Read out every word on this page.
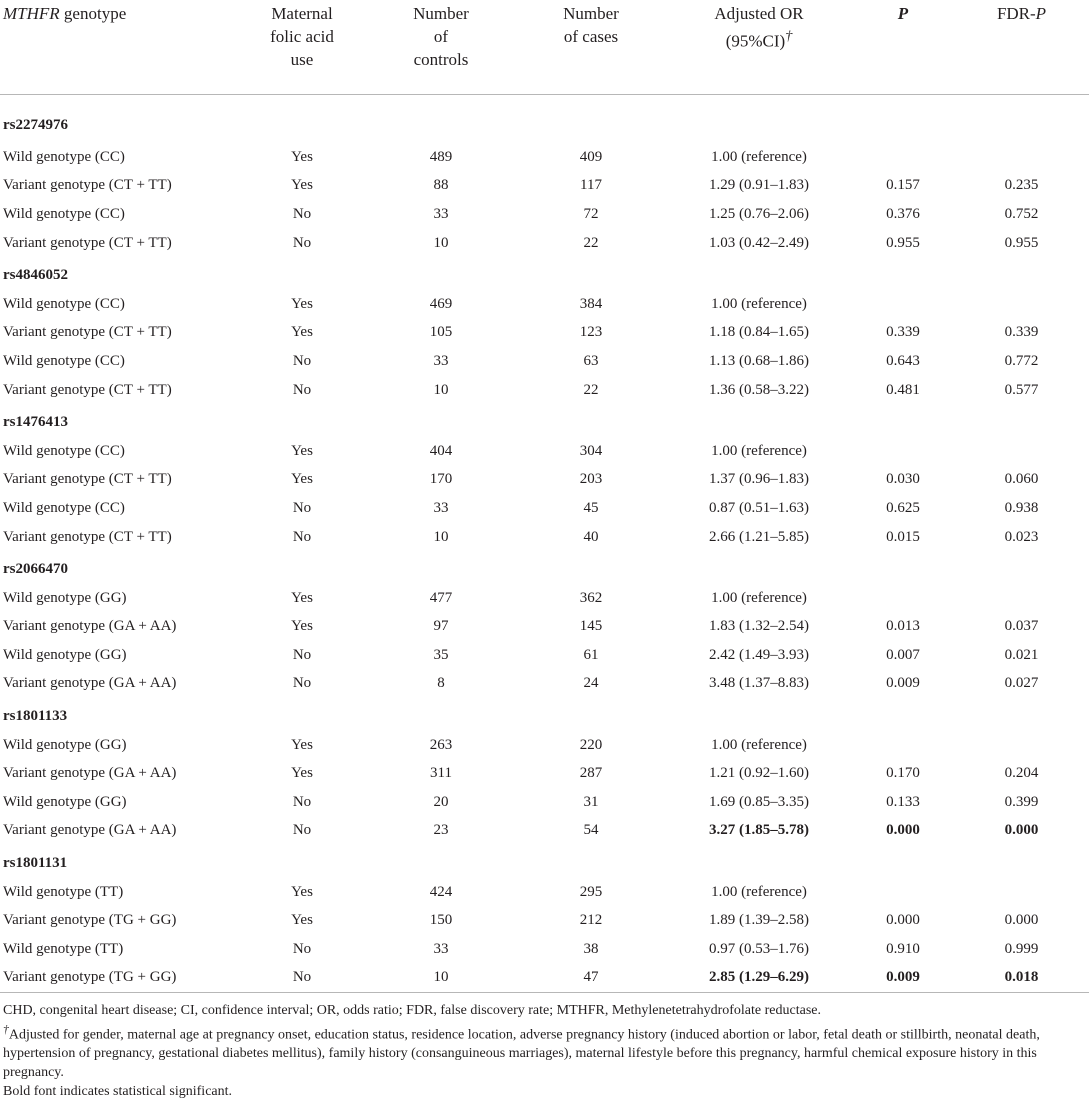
MTHFR genotype	Maternal
folic acid
use	Number
of
controls	Number
of cases	Adjusted OR
(95%CI)†	P	FDR-P
rs2274976						
Wild genotype (CC)	Yes	489	409	1.00 (reference)		
Variant genotype (CT + TT)	Yes	88	117	1.29 (0.91–1.83)	0.157	0.235
Wild genotype (CC)	No	33	72	1.25 (0.76–2.06)	0.376	0.752
Variant genotype (CT + TT)	No	10	22	1.03 (0.42–2.49)	0.955	0.955
rs4846052						
Wild genotype (CC)	Yes	469	384	1.00 (reference)		
Variant genotype (CT + TT)	Yes	105	123	1.18 (0.84–1.65)	0.339	0.339
Wild genotype (CC)	No	33	63	1.13 (0.68–1.86)	0.643	0.772
Variant genotype (CT + TT)	No	10	22	1.36 (0.58–3.22)	0.481	0.577
rs1476413						
Wild genotype (CC)	Yes	404	304	1.00 (reference)		
Variant genotype (CT + TT)	Yes	170	203	1.37 (0.96–1.83)	0.030	0.060
Wild genotype (CC)	No	33	45	0.87 (0.51–1.63)	0.625	0.938
Variant genotype (CT + TT)	No	10	40	2.66 (1.21–5.85)	0.015	0.023
rs2066470						
Wild genotype (GG)	Yes	477	362	1.00 (reference)		
Variant genotype (GA + AA)	Yes	97	145	1.83 (1.32–2.54)	0.013	0.037
Wild genotype (GG)	No	35	61	2.42 (1.49–3.93)	0.007	0.021
Variant genotype (GA + AA)	No	8	24	3.48 (1.37–8.83)	0.009	0.027
rs1801133						
Wild genotype (GG)	Yes	263	220	1.00 (reference)		
Variant genotype (GA + AA)	Yes	311	287	1.21 (0.92–1.60)	0.170	0.204
Wild genotype (GG)	No	20	31	1.69 (0.85–3.35)	0.133	0.399
Variant genotype (GA + AA)	No	23	54	3.27 (1.85–5.78)	0.000	0.000
rs1801131						
Wild genotype (TT)	Yes	424	295	1.00 (reference)		
Variant genotype (TG + GG)	Yes	150	212	1.89 (1.39–2.58)	0.000	0.000
Wild genotype (TT)	No	33	38	0.97 (0.53–1.76)	0.910	0.999
Variant genotype (TG + GG)	No	10	47	2.85 (1.29–6.29)	0.009	0.018

CHD, congenital heart disease; CI, confidence interval; OR, odds ratio; FDR, false discovery rate; MTHFR, Methylenetetrahydrofolate reductase.

†Adjusted for gender, maternal age at pregnancy onset, education status, residence location, adverse pregnancy history (induced abortion or labor, fetal death or stillbirth, neonatal death, hypertension of pregnancy, gestational diabetes mellitus), family history (consanguineous marriages), maternal lifestyle before this pregnancy, harmful chemical exposure history in this pregnancy.

Bold font indicates statistical significant.
